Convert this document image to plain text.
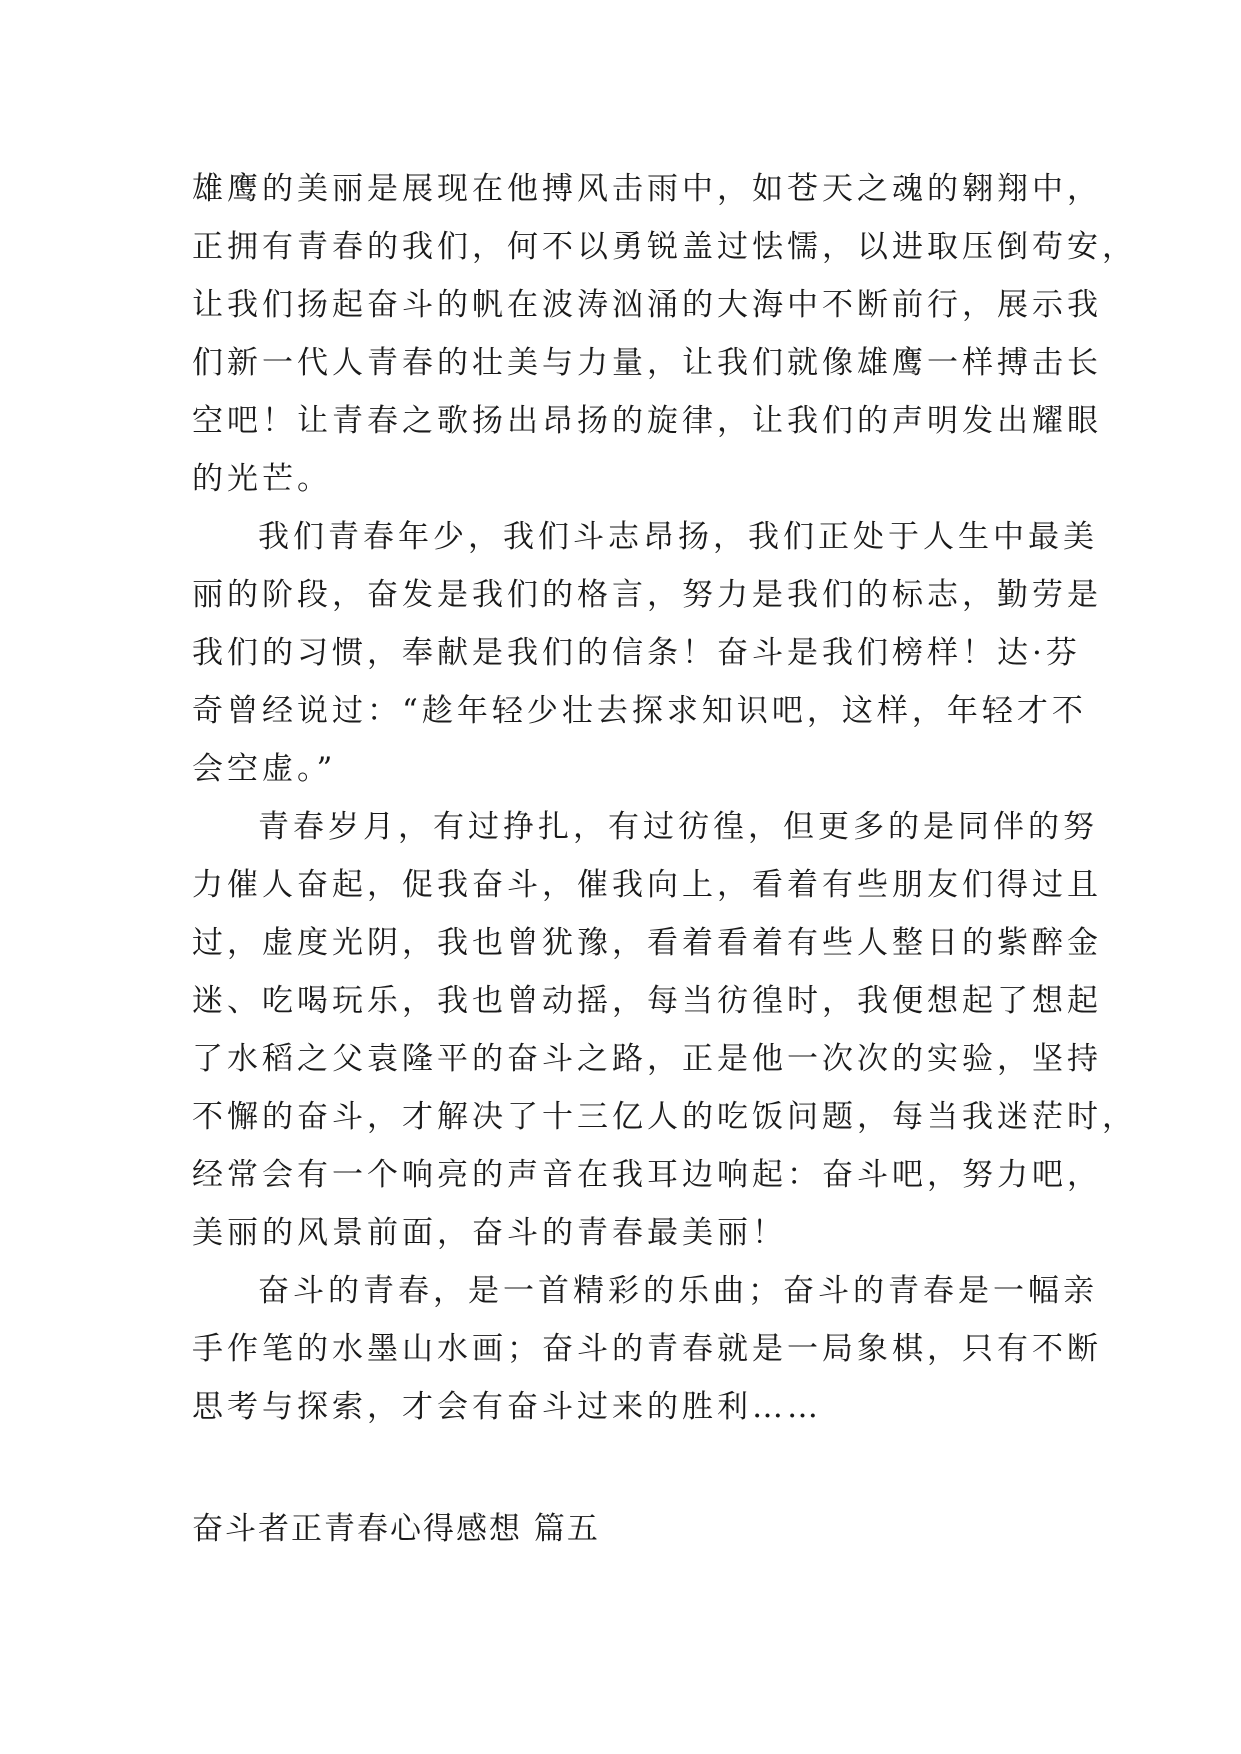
雄鹰的美丽是展现在他搏风击雨中，如苍天之魂的翱翔中，
正拥有青春的我们，何不以勇锐盖过怯懦，以进取压倒苟安，
让我们扬起奋斗的帆在波涛汹涌的大海中不断前行，展示我
们新一代人青春的壮美与力量，让我们就像雄鹰一样搏击长
空吧！让青春之歌扬出昂扬的旋律，让我们的声明发出耀眼
的光芒。
我们青春年少，我们斗志昂扬，我们正处于人生中最美
丽的阶段，奋发是我们的格言，努力是我们的标志，勤劳是
我们的习惯，奉献是我们的信条！奋斗是我们榜样！达·芬
奇曾经说过：“趁年轻少壮去探求知识吧，这样，年轻才不
会空虚。”
青春岁月，有过挣扎，有过彷徨，但更多的是同伴的努
力催人奋起，促我奋斗，催我向上，看着有些朋友们得过且
过，虚度光阴，我也曾犹豫，看着看着有些人整日的紫醉金
迷、吃喝玩乐，我也曾动摇，每当彷徨时，我便想起了想起
了水稻之父袁隆平的奋斗之路，正是他一次次的实验，坚持
不懈的奋斗，才解决了十三亿人的吃饭问题，每当我迷茫时，
经常会有一个响亮的声音在我耳边响起：奋斗吧，努力吧，
美丽的风景前面，奋斗的青春最美丽！
奋斗的青春，是一首精彩的乐曲；奋斗的青春是一幅亲
手作笔的水墨山水画；奋斗的青春就是一局象棋，只有不断
思考与探索，才会有奋斗过来的胜利……
奋斗者正青春心得感想 篇五
